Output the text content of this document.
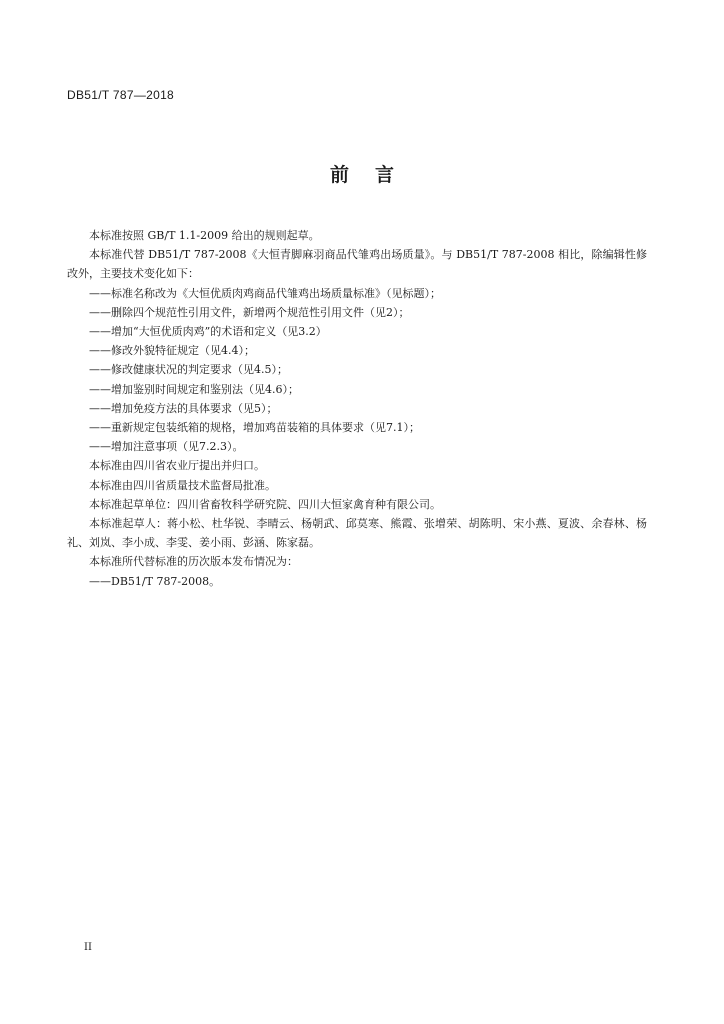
DB51/T 787—2018
前言

本标准按照 GB/T 1.1-2009 给出的规则起草。

本标准代替 DB51/T 787-2008《大恒青脚麻羽商品代雏鸡出场质量》。与 DB51/T 787-2008 相比，除编辑性修改外，主要技术变化如下：

——标准名称改为《大恒优质肉鸡商品代雏鸡出场质量标准》（见标题）；

——删除四个规范性引用文件，新增两个规范性引用文件（见2）；

——增加“大恒优质肉鸡”的术语和定义（见3.2）

——修改外貌特征规定（见4.4）；

——修改健康状况的判定要求（见4.5）；

——增加鉴别时间规定和鉴别法（见4.6）；

——增加免疫方法的具体要求（见5）；

——重新规定包装纸箱的规格，增加鸡苗装箱的具体要求（见7.1）；

——增加注意事项（见7.2.3）。

本标准由四川省农业厅提出并归口。

本标准由四川省质量技术监督局批准。

本标准起草单位：四川省畜牧科学研究院、四川大恒家禽育种有限公司。

本标准起草人：蒋小松、杜华锐、李晴云、杨朝武、邱莫寒、熊霞、张增荣、胡陈明、宋小燕、夏波、余春林、杨礼、刘岚、李小成、李雯、姜小雨、彭涵、陈家磊。

本标准所代替标准的历次版本发布情况为：

——DB51/T 787-2008。

II
